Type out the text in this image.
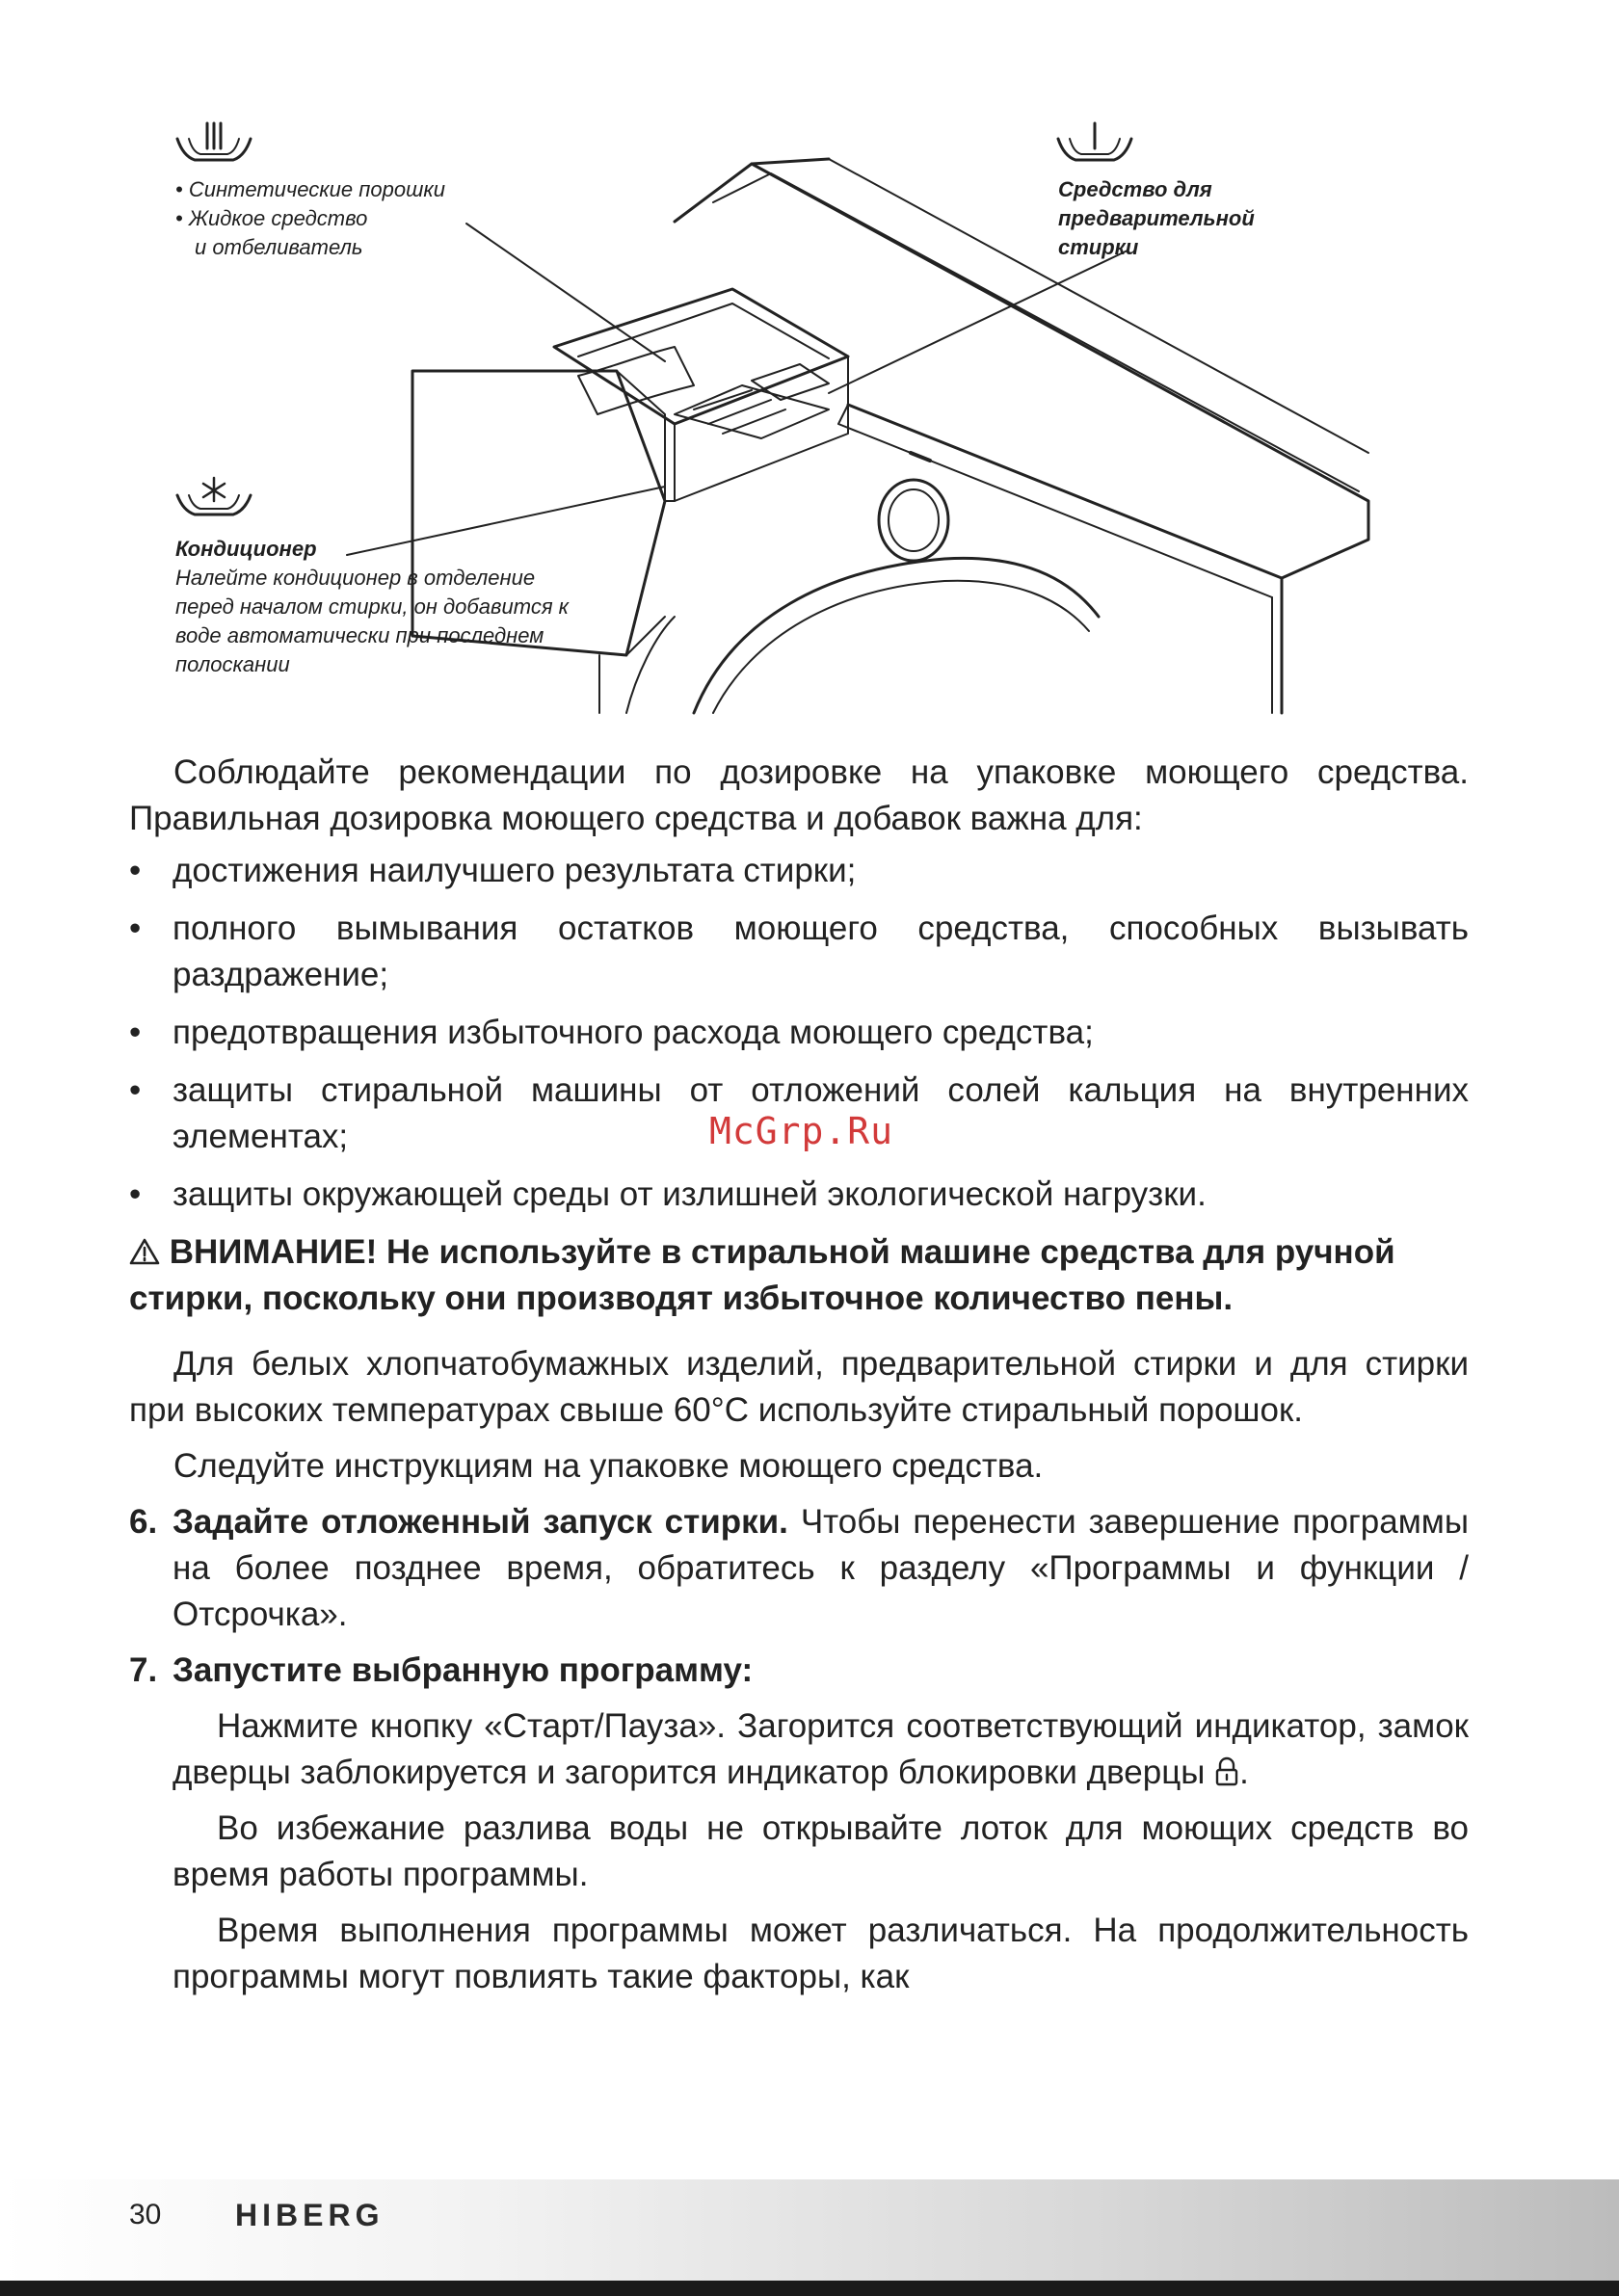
• Синтетические порошки

• Жидкое средство

и отбеливатель

Средство для предварительной стирки
Кондиционер
Налейте кондиционер в отделение перед началом стирки, он добавится к воде автоматически при последнем полоскании

Соблюдайте рекомендации по дозировке на упаковке моющего средства. Правильная дозировка моющего средства и добавок важна для:

• достижения наилучшего результата стирки;

• полного вымывания остатков моющего средства, способных вызывать раздражение;

• предотвращения избыточного расхода моющего средства;

• защиты стиральной машины от отложений солей кальция на внутренних элементах;

• защиты окружающей среды от излишней экологической нагрузки.

ВНИМАНИЕ! Не используйте в стиральной машине средства для ручной стирки, поскольку они производят избыточное количество пены.

Для белых хлопчатобумажных изделий, предварительной стирки и для стирки при высоких температурах свыше 60°C используйте стиральный порошок.

Следуйте инструкциям на упаковке моющего средства.

6. Задайте отложенный запуск стирки. Чтобы перенести завершение программы на более позднее время, обратитесь к разделу «Программы и функции / Отсрочка».

7. Запустите выбранную программу:

Нажмите кнопку «Старт/Пауза». Загорится соответствующий индикатор, замок дверцы заблокируется и загорится индикатор блокировки дверцы .

Во избежание разлива воды не открывайте лоток для моющих средств во время работы программы.

Время выполнения программы может различаться. На продолжительность программы могут повлиять такие факторы, как

McGrp.Ru
30 HIBERG
